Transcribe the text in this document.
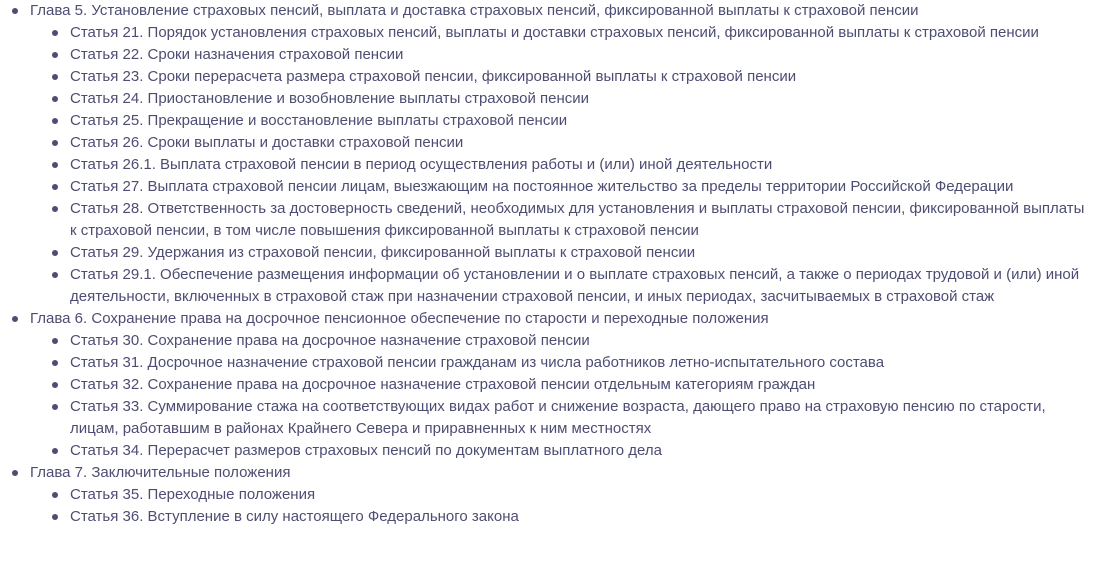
Глава 5. Установление страховых пенсий, выплата и доставка страховых пенсий, фиксированной выплаты к страховой пенсии
Статья 21. Порядок установления страховых пенсий, выплаты и доставки страховых пенсий, фиксированной выплаты к страховой пенсии
Статья 22. Сроки назначения страховой пенсии
Статья 23. Сроки перерасчета размера страховой пенсии, фиксированной выплаты к страховой пенсии
Статья 24. Приостановление и возобновление выплаты страховой пенсии
Статья 25. Прекращение и восстановление выплаты страховой пенсии
Статья 26. Сроки выплаты и доставки страховой пенсии
Статья 26.1. Выплата страховой пенсии в период осуществления работы и (или) иной деятельности
Статья 27. Выплата страховой пенсии лицам, выезжающим на постоянное жительство за пределы территории Российской Федерации
Статья 28. Ответственность за достоверность сведений, необходимых для установления и выплаты страховой пенсии, фиксированной выплаты к страховой пенсии, в том числе повышения фиксированной выплаты к страховой пенсии
Статья 29. Удержания из страховой пенсии, фиксированной выплаты к страховой пенсии
Статья 29.1. Обеспечение размещения информации об установлении и о выплате страховых пенсий, а также о периодах трудовой и (или) иной деятельности, включенных в страховой стаж при назначении страховой пенсии, и иных периодах, засчитываемых в страховой стаж
Глава 6. Сохранение права на досрочное пенсионное обеспечение по старости и переходные положения
Статья 30. Сохранение права на досрочное назначение страховой пенсии
Статья 31. Досрочное назначение страховой пенсии гражданам из числа работников летно-испытательного состава
Статья 32. Сохранение права на досрочное назначение страховой пенсии отдельным категориям граждан
Статья 33. Суммирование стажа на соответствующих видах работ и снижение возраста, дающего право на страховую пенсию по старости, лицам, работавшим в районах Крайнего Севера и приравненных к ним местностях
Статья 34. Перерасчет размеров страховых пенсий по документам выплатного дела
Глава 7. Заключительные положения
Статья 35. Переходные положения
Статья 36. Вступление в силу настоящего Федерального закона
